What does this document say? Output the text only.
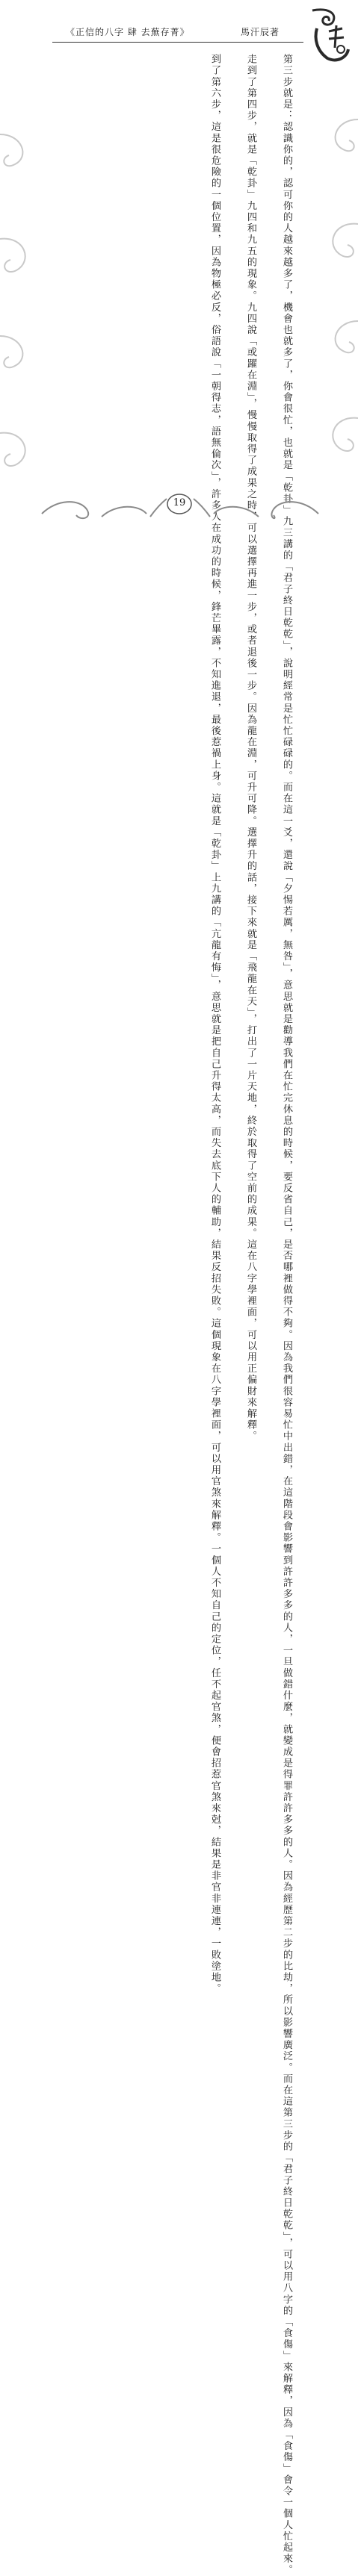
《正信的八字 肆 去蕪存菁》	馬汗辰著

第三步就是：認識你的，認可你的人越來越多了，機會也就多了，你會很忙，也就是「乾卦」九三講的「君子終日乾乾」，說明經常是忙忙碌碌的。而在這一爻，還說「夕惕若厲，無咎」，意思就是勸導我們在忙完休息的時候，要反省自己，是否哪裡做得不夠。因為我們很容易忙中出錯，在這階段會影響到許許多多的人，一旦做錯什麼，就變成是得罪許許多多的人。因為經歷第二步的比劫，所以影響廣泛。而在這第三步的「君子終日乾乾」，可以用八字的「食傷」來解釋，因為「食傷」會令一個人忙起來。

走到了第四步，就是「乾卦」九四和九五的現象。九四說「或躍在淵」，慢慢取得了成果之時，可以選擇再進一步，或者退後一步。因為龍在淵，可升可降。選擇升的話，接下來就是「飛龍在天」，打出了一片天地，終於取得了空前的成果。這在八字學裡面，可以用正偏財來解釋。

到了第六步，這是很危險的一個位置，因為物極必反，俗語說「一朝得志，語無倫次」，許多人在成功的時候，鋒芒畢露，不知進退，最後惹禍上身。這就是「乾卦」上九講的「亢龍有悔」，意思就是把自己升得太高，而失去底下人的輔助，結果反招失敗。這個現象在八字學裡面，可以用官煞來解釋。一個人不知自己的定位，任不起官煞，便會招惹官煞來尅，結果是非官非連連，一敗塗地。

19
